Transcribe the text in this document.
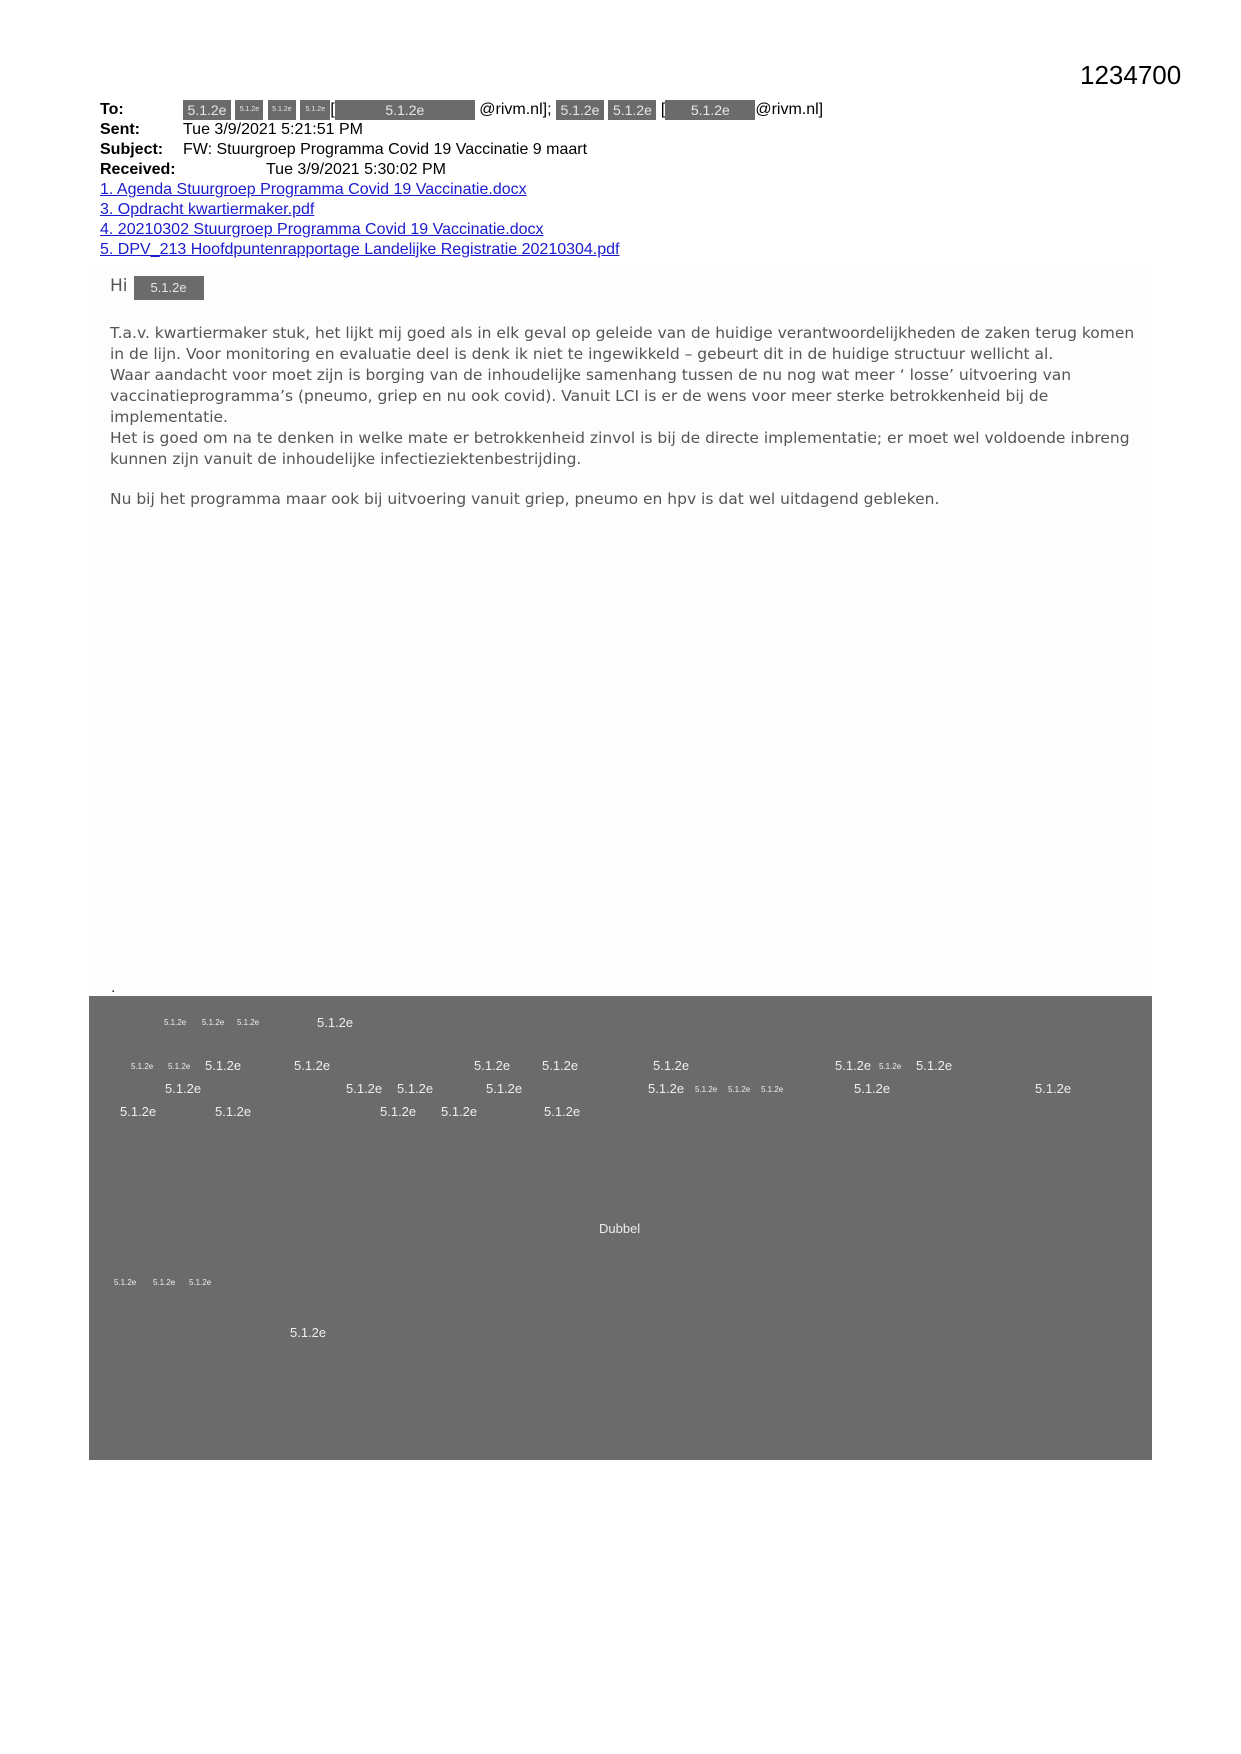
1234700
To:	5.1.2e 5.1.2e 5.1.2e 5.1.2e [	5.1.2e	@rivm.nl]; 5.1.2e 5.1.2e [ 5.1.2e @rivm.nl]
Sent:	Tue 3/9/2021 5:21:51 PM
Subject: FW: Stuurgroep Programma Covid 19 Vaccinatie 9 maart
Received:	Tue 3/9/2021 5:30:02 PM
1. Agenda Stuurgroep Programma Covid 19 Vaccinatie.docx
3. Opdracht kwartiermaker.pdf
4. 20210302 Stuurgroep Programma Covid 19 Vaccinatie.docx
5. DPV_213 Hoofdpuntenrapportage Landelijke Registratie 20210304.pdf
Hi 5.1.2e

T.a.v. kwartiermaker stuk, het lijkt mij goed als in elk geval op geleide van de huidige verantwoordelijkheden de zaken terug komen in de lijn. Voor monitoring en evaluatie deel is denk ik niet te ingewikkeld – gebeurt dit in de huidige structuur wellicht al.

Waar aandacht voor moet zijn is borging van de inhoudelijke samenhang tussen de nu nog wat meer ‘ losse’ uitvoering van vaccinatieprogramma’s (pneumo, griep en nu ook covid). Vanuit LCI is er de wens voor meer sterke betrokkenheid bij de implementatie.

Het is goed om na te denken in welke mate er betrokkenheid zinvol is bij de directe implementatie; er moet wel voldoende inbreng kunnen zijn vanuit de inhoudelijke infectieziektenbestrijding.

Nu bij het programma maar ook bij uitvoering vanuit griep, pneumo en hpv is dat wel uitdagend gebleken.

.
5.1.2e 5.1.2e 5.1.2e	5.1.2e
5.1.2e 5.1.2e 5.1.2e	5.1.2e	5.1.2e 5.1.2e	5.1.2e	5.1.2e 5.1.2e 5.1.2e
5.1.2e	5.1.2e 5.1.2e	5.1.2e	5.1.2e 5.1.2e 5.1.2e 5.1.2e	5.1.2e	5.1.2e
5.1.2e	5.1.2e	5.1.2e 5.1.2e	5.1.2e
Dubbel
5.1.2e 5.1.2e 5.1.2e
5.1.2e
